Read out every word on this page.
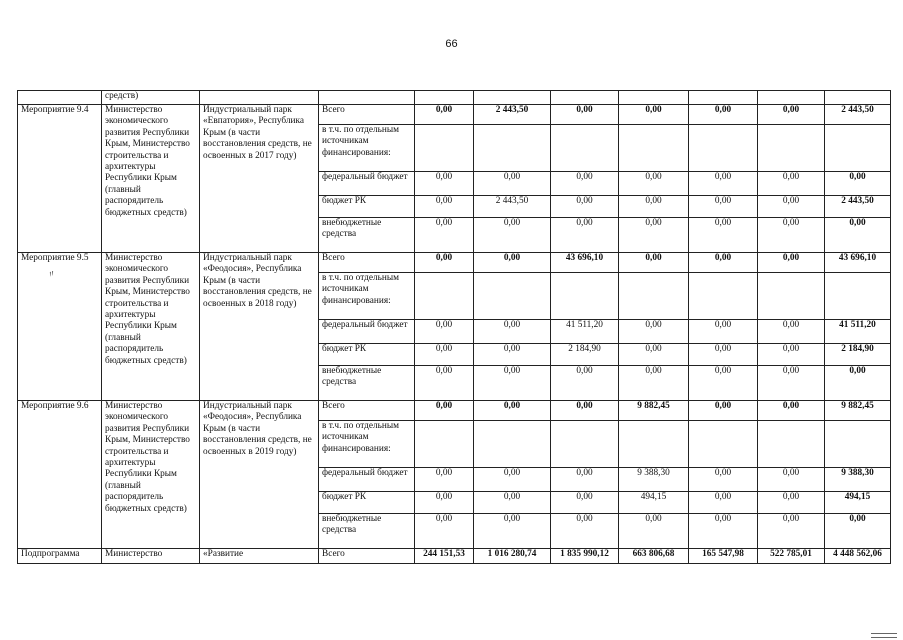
66
	средств)									
Мероприятие 9.4	Министерство экономического развития Республики Крым, Министерство строительства и архитектуры Республики Крым (главный распорядитель бюджетных средств)	Индустриальный парк «Евпатория», Республика Крым (в части восстановления средств, не освоенных в 2017 году)	Всего	0,00	2 443,50	0,00	0,00	0,00	0,00	2 443,50
			в т.ч. по отдельным источникам финансирования:							
			федеральный бюджет	0,00	0,00	0,00	0,00	0,00	0,00	0,00
			бюджет РК	0,00	2 443,50	0,00	0,00	0,00	0,00	2 443,50
			внебюджетные средства	0,00	0,00	0,00	0,00	0,00	0,00	0,00
Мероприятие 9.5	Министерство экономического развития Республики Крым, Министерство строительства и архитектуры Республики Крым (главный распорядитель бюджетных средств)	Индустриальный парк «Феодосия», Республика Крым (в части восстановления средств, не освоенных в 2018 году)	Всего	0,00	0,00	43 696,10	0,00	0,00	0,00	43 696,10
			в т.ч. по отдельным источникам финансирования:							
			федеральный бюджет	0,00	0,00	41 511,20	0,00	0,00	0,00	41 511,20
			бюджет РК	0,00	0,00	2 184,90	0,00	0,00	0,00	2 184,90
			внебюджетные средства	0,00	0,00	0,00	0,00	0,00	0,00	0,00
Мероприятие 9.6	Министерство экономического развития Республики Крым, Министерство строительства и архитектуры Республики Крым (главный распорядитель бюджетных средств)	Индустриальный парк «Феодосия», Республика Крым (в части восстановления средств, не освоенных в 2019 году)	Всего	0,00	0,00	0,00	9 882,45	0,00	0,00	9 882,45
			в т.ч. по отдельным источникам финансирования:							
			федеральный бюджет	0,00	0,00	0,00	9 388,30	0,00	0,00	9 388,30
			бюджет РК	0,00	0,00	0,00	494,15	0,00	0,00	494,15
			внебюджетные средства	0,00	0,00	0,00	0,00	0,00	0,00	0,00
Подпрограмма	Министерство	«Развитие	Всего	244 151,53	1 016 280,74	1 835 990,12	663 806,68	165 547,98	522 785,01	4 448 562,06
〃
